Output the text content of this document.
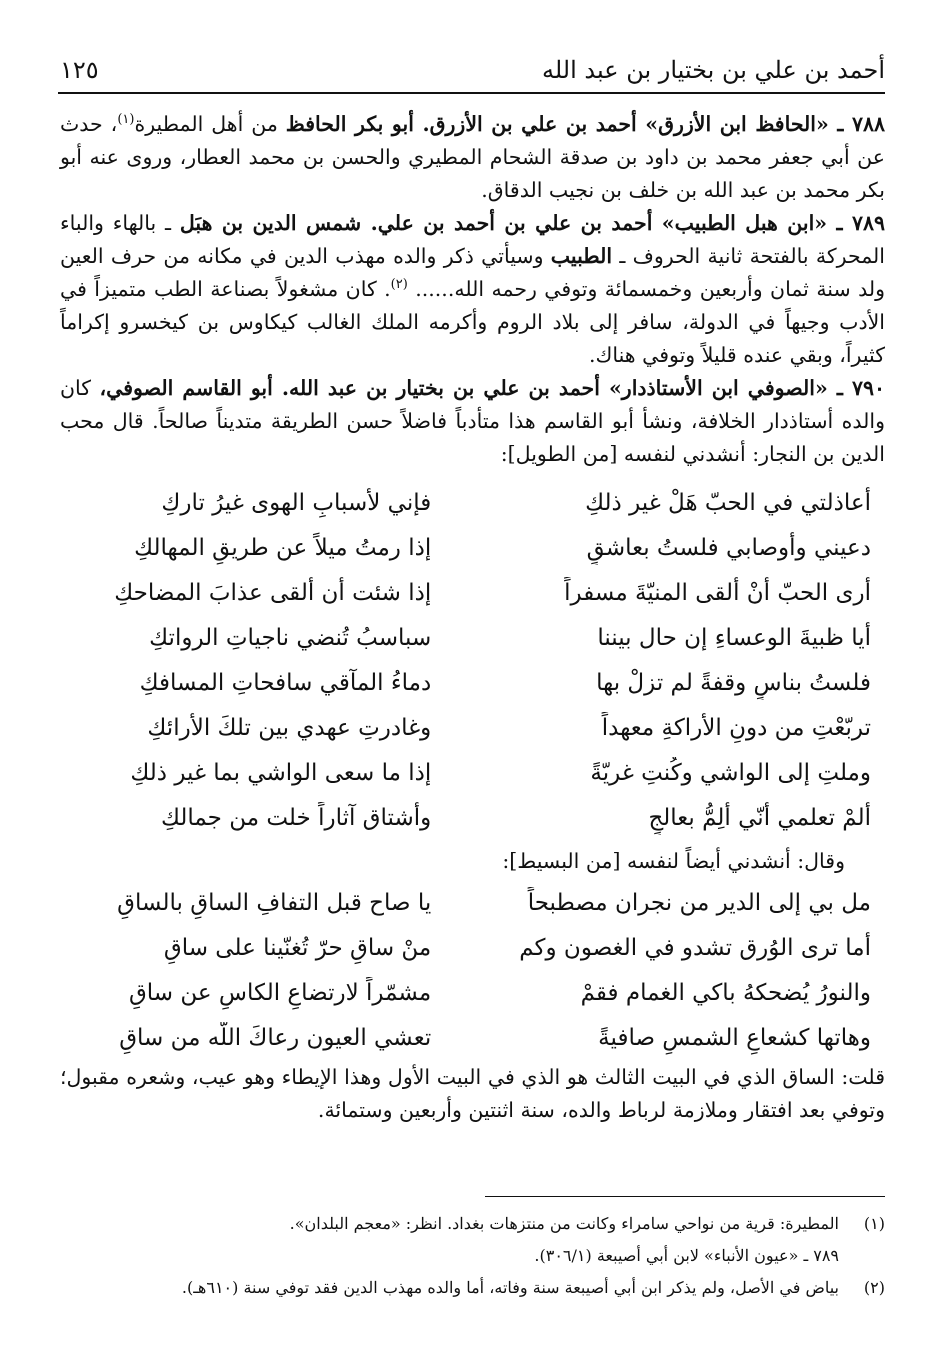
أحمد بن علي بن بختيار بن عبد الله
١٢٥

٧٨٨ ـ «الحافظ ابن الأزرق» أحمد بن علي بن الأزرق. أبو بكر الحافظ من أهل المطيرة$^{(١)}$، حدث عن أبي جعفر محمد بن داود بن صدقة الشحام المطيري والحسن بن محمد العطار، وروى عنه أبو بكر محمد بن عبد الله بن خلف بن نجيب الدقاق.

٧٨٩ ـ «ابن هبل الطبيب» أحمد بن علي بن أحمد بن علي. شمس الدين بن هبَل ـ بالهاء والباء المحركة بالفتحة ثانية الحروف ـ الطبيب وسيأتي ذكر والده مهذب الدين في مكانه من حرف العين ولد سنة ثمان وأربعين وخمسمائة وتوفي رحمه الله...... $^{(٢)}$. كان مشغولاً بصناعة الطب متميزاً في الأدب وجيهاً في الدولة، سافر إلى بلاد الروم وأكرمه الملك الغالب كيكاوس بن كيخسرو إكراماً كثيراً، وبقي عنده قليلاً وتوفي هناك.

٧٩٠ ـ «الصوفي ابن الأستاذدار» أحمد بن علي بن بختيار بن عبد الله. أبو القاسم الصوفي، كان والده أستاذدار الخلافة، ونشأ أبو القاسم هذا متأدباً فاضلاً حسن الطريقة متديناً صالحاً. قال محب الدين بن النجار: أنشدني لنفسه [من الطويل]:

أعاذلتي في الحبّ هَلْ غير ذلكِ
فإني لأسبابِ الهوى غيرُ تاركِ
دعيني وأوصابي فلستُ بعاشقٍ
إذا رمتُ ميلاً عن طريقِ المهالكِ
أرى الحبّ أنْ ألقى المنيّةَ مسفراً
إذا شئت أن ألقى عذابَ المضاحكِ
أيا ظبيةَ الوعساءِ إن حال بيننا
سباسبُ تُنضي ناجياتِ الرواتكِ
فلستُ بناسٍ وقفةً لم تزلْ بها
دماءُ المآقي سافحاتِ المسافكِ
تربّعْتِ من دونِ الأراكةِ معهداً
وغادرتِ عهدي بين تلكَ الأرائكِ
وملتِ إلى الواشي وكُنتِ غريّةً
إذا ما سعى الواشي بما غير ذلكِ
ألمْ تعلمي أنّي أُلِمُّ بعالجٍ
وأشتاق آثاراً خلت من جمالكِ
وقال: أنشدني أيضاً لنفسه [من البسيط]:
مل بي إلى الدير من نجران مصطبحاً
يا صاح قبل التفافِ الساقِ بالساقِ
أما ترى الوُرق تشدو في الغصون وكم
منْ ساقِ حرّ تُغنّينا على ساقِ
والنورُ يُضحكهُ باكي الغمام فقمْ
مشمّراً لارتضاعِ الكاسِ عن ساقِ
وهاتها كشعاعِ الشمسِ صافيةً
تعشي العيون رعاكَ اللّه من ساقِ

قلت: الساق الذي في البيت الثالث هو الذي في البيت الأول وهذا الإيطاء وهو عيب، وشعره مقبول؛ وتوفي بعد افتقار وملازمة لرباط والده، سنة اثنتين وأربعين وستمائة.

(١)المطيرة: قرية من نواحي سامراء وكانت من منتزهات بغداد. انظر: «معجم البلدان».

٧٨٩ ـ «عيون الأنباء» لابن أبي أصيبعة (٣٠٦/١).

(٢)بياض في الأصل، ولم يذكر ابن أبي أصيبعة سنة وفاته، أما والده مهذب الدين فقد توفي سنة (٦١٠هـ).
